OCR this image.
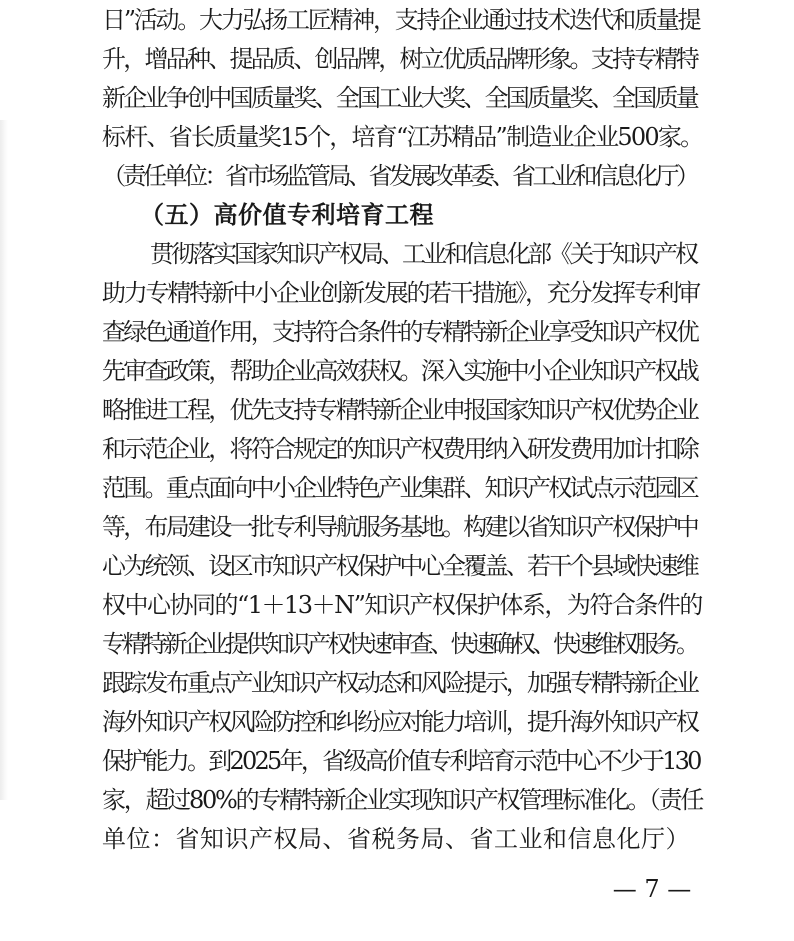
日”活动。大力弘扬工匠精神，支持企业通过技术迭代和质量提
升，增品种、提品质、创品牌，树立优质品牌形象。支持专精特
新企业争创中国质量奖、全国工业大奖、全国质量奖、全国质量
标杆、省长质量奖15个，培育“江苏精品”制造业企业500家。
（责任单位：省市场监管局、省发展改革委、省工业和信息化厅）
（五）高价值专利培育工程
贯彻落实国家知识产权局、工业和信息化部《关于知识产权
助力专精特新中小企业创新发展的若干措施》，充分发挥专利审
查绿色通道作用，支持符合条件的专精特新企业享受知识产权优
先审查政策，帮助企业高效获权。深入实施中小企业知识产权战
略推进工程，优先支持专精特新企业申报国家知识产权优势企业
和示范企业，将符合规定的知识产权费用纳入研发费用加计扣除
范围。重点面向中小企业特色产业集群、知识产权试点示范园区
等，布局建设一批专利导航服务基地。构建以省知识产权保护中
心为统领、设区市知识产权保护中心全覆盖、若干个县域快速维
权中心协同的“1＋13＋N”知识产权保护体系，为符合条件的
专精特新企业提供知识产权快速审查、快速确权、快速维权服务。
跟踪发布重点产业知识产权动态和风险提示，加强专精特新企业
海外知识产权风险防控和纠纷应对能力培训，提升海外知识产权
保护能力。到2025年，省级高价值专利培育示范中心不少于130
家，超过80%的专精特新企业实现知识产权管理标准化。（责任
单位：省知识产权局、省税务局、省工业和信息化厅）
— 7 —
